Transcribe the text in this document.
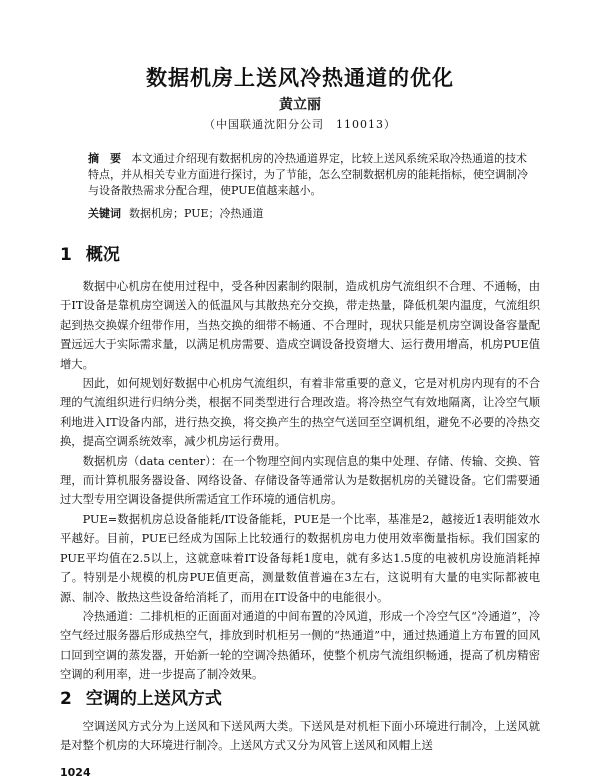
数据机房上送风冷热通道的优化
黄立丽
（中国联通沈阳分公司　110013）
摘　要 本文通过介绍现有数据机房的冷热通道界定，比较上送风系统采取冷热通道的技术特点，并从相关专业方面进行探讨，为了节能，怎么空制数据机房的能耗指标，使空调制冷与设备散热需求分配合理，使PUE值越来越小。
关键词 数据机房；PUE；冷热通道
1 概况

数据中心机房在使用过程中，受各种因素制约限制，造成机房气流组织不合理、不通畅，由于IT设备是靠机房空调送入的低温风与其散热充分交换，带走热量，降低机架内温度，气流组织起到热交换媒介纽带作用，当热交换的细带不畅通、不合理时，现状只能是机房空调设备容量配置远远大于实际需求量，以满足机房需要、造成空调设备投资增大、运行费用增高，机房PUE值增大。

因此，如何规划好数据中心机房气流组织，有着非常重要的意义，它是对机房内现有的不合理的气流组织进行归纳分类，根据不同类型进行合理改造。将冷热空气有效地隔离，让冷空气顺利地进入IT设备内部，进行热交换，将交换产生的热空气送回至空调机组，避免不必要的冷热交换，提高空调系统效率，减少机房运行费用。

数据机房（data center）：在一个物理空间内实现信息的集中处理、存储、传输、交换、管理，而计算机服务器设备、网络设备、存储设备等通常认为是数据机房的关键设备。它们需要通过大型专用空调设备提供所需适宜工作环境的通信机房。

PUE=数据机房总设备能耗/IT设备能耗，PUE是一个比率，基准是2，越接近1表明能效水平越好。目前，PUE已经成为国际上比较通行的数据机房电力使用效率衡量指标。我们国家的PUE平均值在2.5以上，这就意味着IT设备每耗1度电，就有多达1.5度的电被机房设施消耗掉了。特别是小规模的机房PUE值更高，测量数值普遍在3左右，这说明有大量的电实际都被电源、制冷、散热这些设备给消耗了，而用在IT设备中的电能很小。

冷热通道：二排机柜的正面面对通道的中间布置的冷风道，形成一个冷空气区“冷通道”，冷空气经过服务器后形成热空气，排放到时机柜另一侧的“热通道”中，通过热通道上方布置的回风口回到空调的蒸发器，开始新一轮的空调冷热循环，使整个机房气流组织畅通，提高了机房精密空调的利用率，进一步提高了制冷效果。

2 空调的上送风方式

空调送风方式分为上送风和下送风两大类。下送风是对机柜下面小环境进行制冷，上送风就是对整个机房的大环境进行制冷。上送风方式又分为风管上送风和风帽上送

1024
